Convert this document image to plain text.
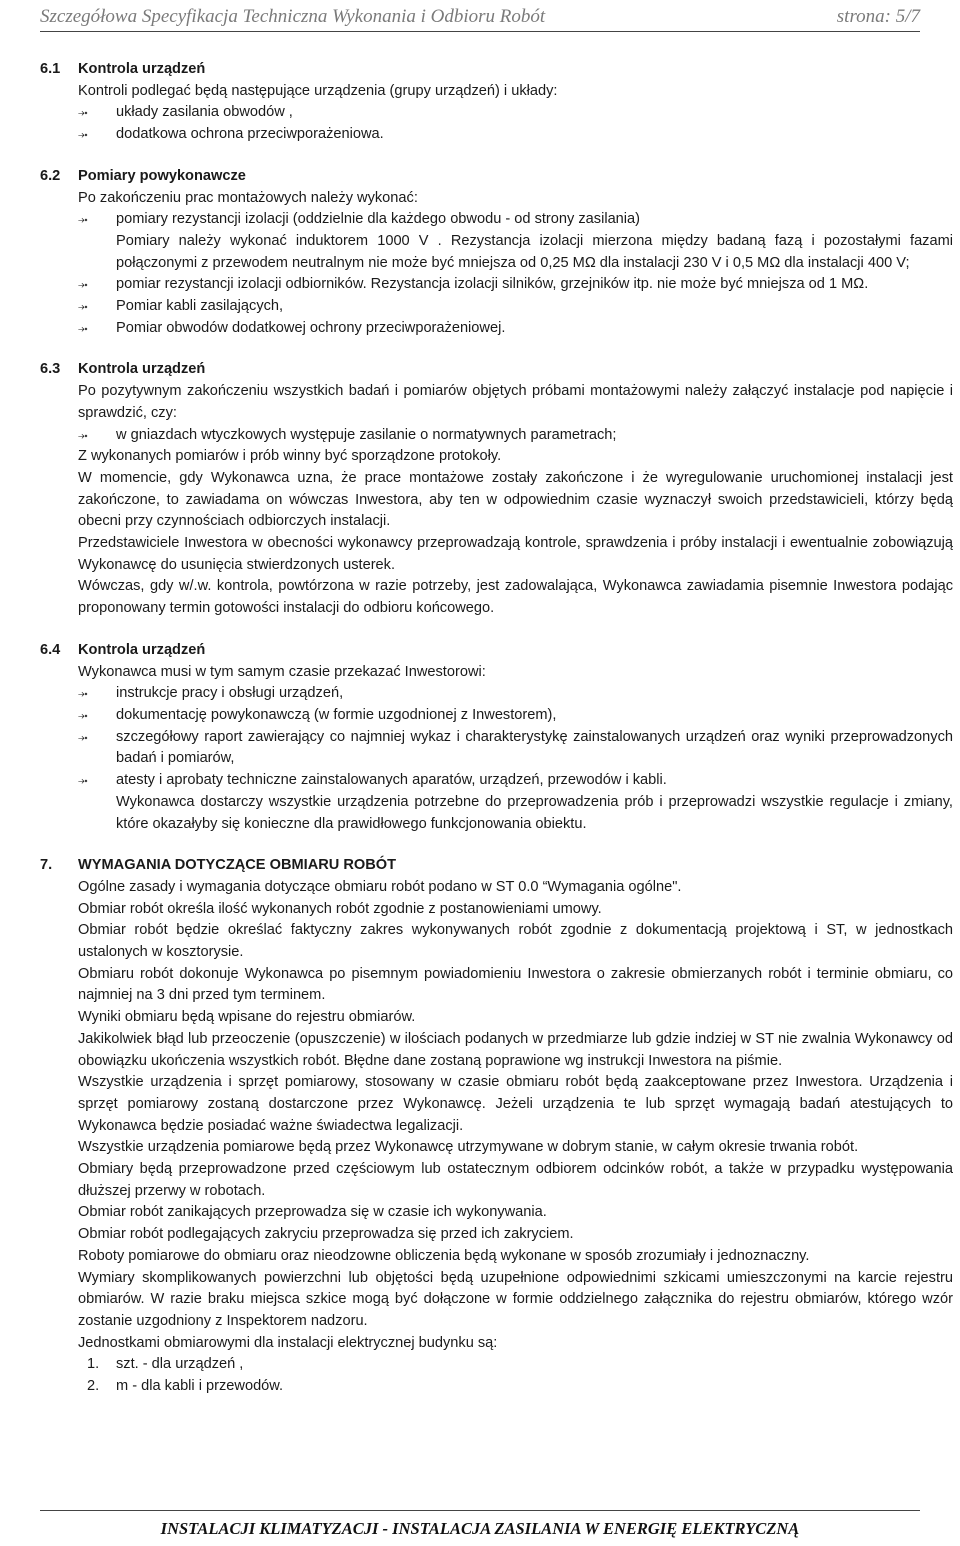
Szczegółowa Specyfikacja Techniczna Wykonania i Odbioru Robót	strona: 5/7
6.1	Kontrola urządzeń

Kontroli podlegać będą następujące urządzenia (grupy urządzeń) i układy:

⤞	układy zasilania obwodów ,
⤞	dodatkowa ochrona przeciwporażeniowa.
6.2	Pomiary powykonawcze

Po zakończeniu prac montażowych należy wykonać:

⤞	pomiary rezystancji izolacji (oddzielnie dla każdego obwodu - od strony zasilania)
Pomiary należy wykonać induktorem 1000 V . Rezystancja izolacji mierzona między badaną fazą i pozostałymi fazami połączonymi z przewodem neutralnym nie może być mniejsza od 0,25 MΩ dla instalacji 230 V i 0,5 MΩ dla instalacji 400 V;
⤞	pomiar rezystancji izolacji odbiorników. Rezystancja izolacji silników, grzejników itp. nie może być mniejsza od 1 MΩ.
⤞	Pomiar kabli zasilających,
⤞	Pomiar obwodów dodatkowej ochrony przeciwporażeniowej.
6.3	Kontrola urządzeń

Po pozytywnym zakończeniu wszystkich badań i pomiarów objętych próbami montażowymi należy załączyć instalacje pod napięcie i sprawdzić, czy:

⤞	w gniazdach wtyczkowych występuje zasilanie o normatywnych parametrach;

Z wykonanych pomiarów i prób winny być sporządzone protokoły.

W momencie, gdy Wykonawca uzna, że prace montażowe zostały zakończone i że wyregulowanie uruchomionej instalacji jest zakończone, to zawiadama on wówczas Inwestora, aby ten w odpowiednim czasie wyznaczył swoich przedstawicieli, którzy będą obecni przy czynnościach odbiorczych instalacji.

Przedstawiciele Inwestora w obecności wykonawcy przeprowadzają kontrole, sprawdzenia i próby instalacji i ewentualnie zobowiązują Wykonawcę do usunięcia stwierdzonych usterek.

Wówczas, gdy w/.w. kontrola, powtórzona w razie potrzeby, jest zadowalająca, Wykonawca zawiadamia pisemnie Inwestora podając proponowany termin gotowości instalacji do odbioru końcowego.

6.4	Kontrola urządzeń

Wykonawca musi w tym samym czasie przekazać Inwestorowi:

⤞	instrukcje pracy i obsługi urządzeń,
⤞	dokumentację powykonawczą (w formie uzgodnionej z Inwestorem),
⤞	szczegółowy raport zawierający co najmniej wykaz i charakterystykę zainstalowanych urządzeń oraz wyniki przeprowadzonych badań i pomiarów,
⤞	atesty i aprobaty techniczne zainstalowanych aparatów, urządzeń, przewodów i kabli.
Wykonawca dostarczy wszystkie urządzenia potrzebne do przeprowadzenia prób i przeprowadzi wszystkie regulacje i zmiany, które okazałyby się konieczne dla prawidłowego funkcjonowania obiektu.
7.	WYMAGANIA DOTYCZĄCE OBMIARU ROBÓT

Ogólne zasady i wymagania dotyczące obmiaru robót podano w ST 0.0 “Wymagania ogólne".

Obmiar robót określa ilość wykonanych robót zgodnie z postanowieniami umowy.

Obmiar robót będzie określać faktyczny zakres wykonywanych robót zgodnie z dokumentacją projektową i ST, w jednostkach ustalonych w kosztorysie.

Obmiaru robót dokonuje Wykonawca po pisemnym powiadomieniu Inwestora o zakresie obmierzanych robót i terminie obmiaru, co najmniej na 3 dni przed tym terminem.

Wyniki obmiaru będą wpisane do rejestru obmiarów.

Jakikolwiek błąd lub przeoczenie (opuszczenie) w ilościach podanych w przedmiarze lub gdzie indziej w ST nie zwalnia Wykonawcy od obowiązku ukończenia wszystkich robót. Błędne dane zostaną poprawione wg instrukcji Inwestora na piśmie.

Wszystkie urządzenia i sprzęt pomiarowy, stosowany w czasie obmiaru robót będą zaakceptowane przez Inwestora. Urządzenia i sprzęt pomiarowy zostaną dostarczone przez Wykonawcę. Jeżeli urządzenia te lub sprzęt wymagają badań atestujących to Wykonawca będzie posiadać ważne świadectwa legalizacji.

Wszystkie urządzenia pomiarowe będą przez Wykonawcę utrzymywane w dobrym stanie, w całym okresie trwania robót.

Obmiary będą przeprowadzone przed częściowym lub ostatecznym odbiorem odcinków robót, a także w przypadku występowania dłuższej przerwy w robotach.

Obmiar robót zanikających przeprowadza się w czasie ich wykonywania.

Obmiar robót podlegających zakryciu przeprowadza się przed ich zakryciem.

Roboty pomiarowe do obmiaru oraz nieodzowne obliczenia będą wykonane w sposób zrozumiały i jednoznaczny.

Wymiary skomplikowanych powierzchni lub objętości będą uzupełnione odpowiednimi szkicami umieszczonymi na karcie rejestru obmiarów. W razie braku miejsca szkice mogą być dołączone w formie oddzielnego załącznika do rejestru obmiarów, którego wzór zostanie uzgodniony z Inspektorem nadzoru.

Jednostkami obmiarowymi dla instalacji elektrycznej budynku są:

1.	szt. - dla urządzeń ,
2.	m - dla kabli i przewodów.
INSTALACJI KLIMATYZACJI - INSTALACJA ZASILANIA W ENERGIĘ ELEKTRYCZNĄ
